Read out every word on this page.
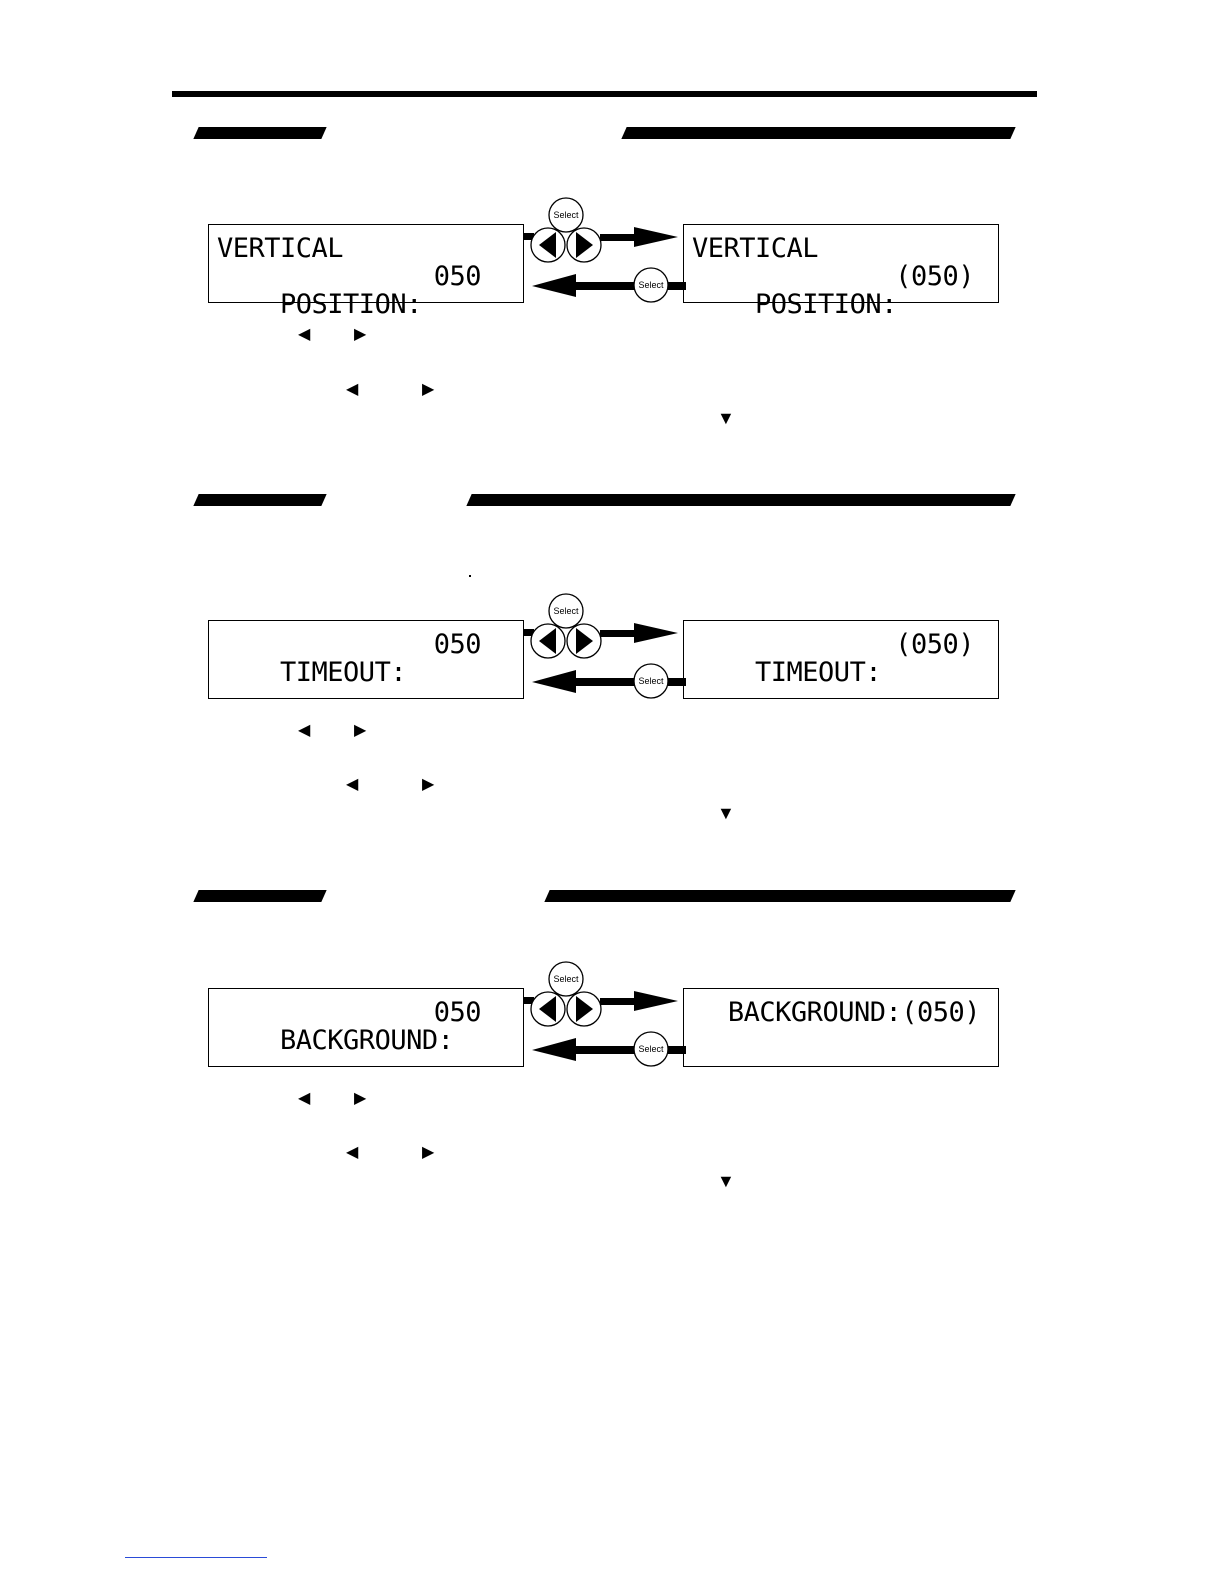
VERTICAL

POSITION:
050

VERTICAL

POSITION:
(050)

Select
Select
◀	▶
◀	▶
▼

TIMEOUT:
050

TIMEOUT:
(050)

Select
Select
◀	▶
◀	▶
▼

BACKGROUND:
050

	BACKGROUND:(050)
Select
Select
◀	▶
◀	▶
▼
